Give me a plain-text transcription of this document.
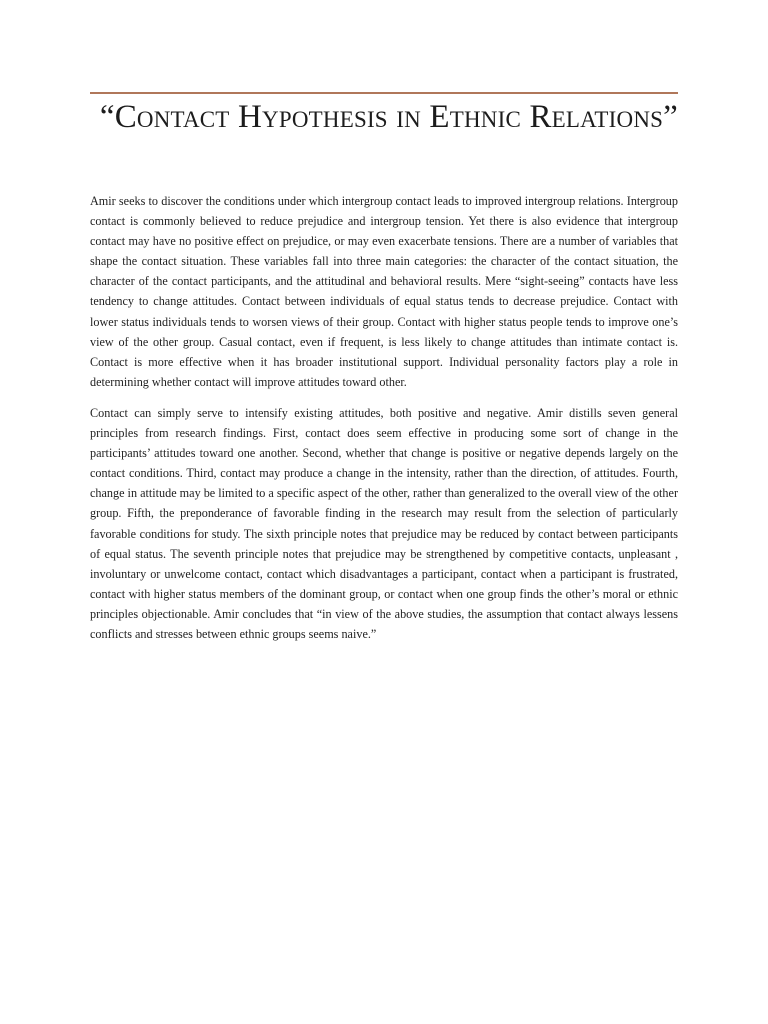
“Contact Hypothesis in Ethnic Relations”

Amir seeks to discover the conditions under which intergroup contact leads to improved intergroup relations. Intergroup contact is commonly believed to reduce prejudice and intergroup tension. Yet there is also evidence that intergroup contact may have no positive effect on prejudice, or may even exacerbate tensions. There are a number of variables that shape the contact situation. These variables fall into three main categories: the character of the contact situation, the character of the contact participants, and the attitudinal and behavioral results. Mere “sight-seeing” contacts have less tendency to change attitudes. Contact between individuals of equal status tends to decrease prejudice. Contact with lower status individuals tends to worsen views of their group. Contact with higher status people tends to improve one’s view of the other group. Casual contact, even if frequent, is less likely to change attitudes than intimate contact is. Contact is more effective when it has broader institutional support. Individual personality factors play a role in determining whether contact will improve attitudes toward other.

Contact can simply serve to intensify existing attitudes, both positive and negative. Amir distills seven general principles from research findings. First, contact does seem effective in producing some sort of change in the participants’ attitudes toward one another. Second, whether that change is positive or negative depends largely on the contact conditions. Third, contact may produce a change in the intensity, rather than the direction, of attitudes. Fourth, change in attitude may be limited to a specific aspect of the other, rather than generalized to the overall view of the other group. Fifth, the preponderance of favorable finding in the research may result from the selection of particularly favorable conditions for study. The sixth principle notes that prejudice may be reduced by contact between participants of equal status. The seventh principle notes that prejudice may be strengthened by competitive contacts, unpleasant , involuntary or unwelcome contact, contact which disadvantages a participant, contact when a participant is frustrated, contact with higher status members of the dominant group, or contact when one group finds the other’s moral or ethnic principles objectionable. Amir concludes that “in view of the above studies, the assumption that contact always lessens conflicts and stresses between ethnic groups seems naive.”
